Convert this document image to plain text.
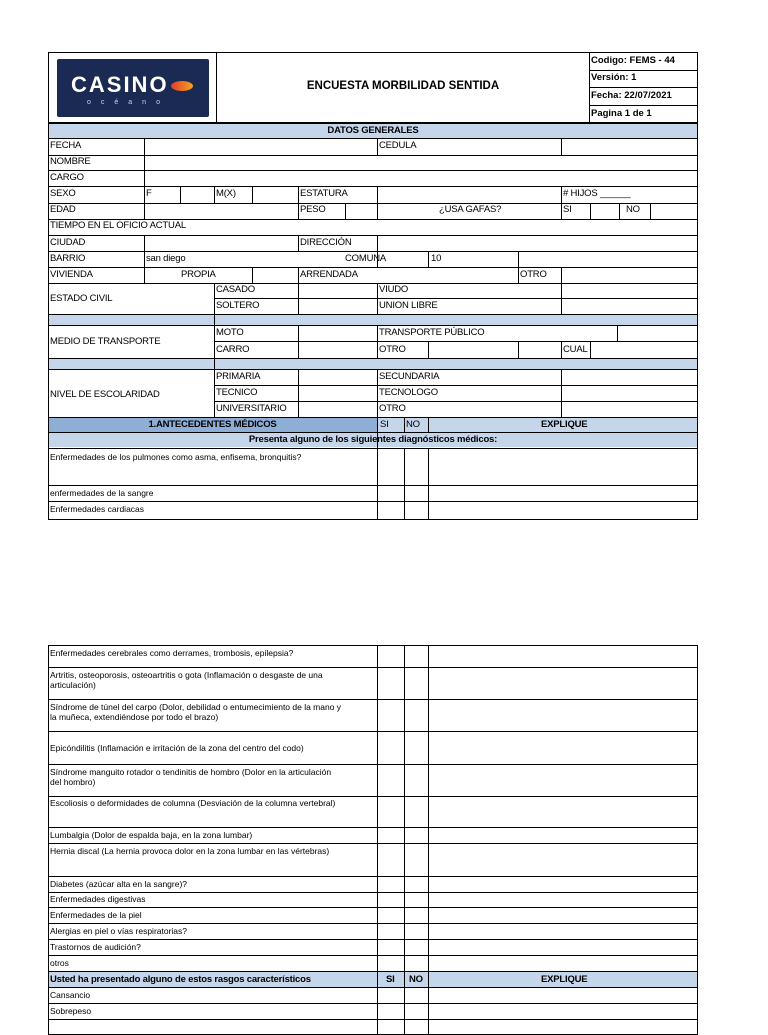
CASINO
océano
ENCUESTA MORBILIDAD SENTIDA
Codigo: FEMS - 44
Versión: 1
Fecha: 22/07/2021
Pagina 1 de 1
DATOS GENERALES
FECHA	CEDULA
NOMBRE
CARGO
SEXO	F	M(X)	ESTATURA	# HIJOS ______
EDAD	PESO	¿USA GAFAS?	SI	NO
TIEMPO EN EL OFICIO ACTUAL
CIUDAD	DIRECCIÓN
BARRIO	san diego	COMUNA	10
VIVIENDA	PROPIA	ARRENDADA	OTRO
ESTADO CIVIL
CASADO	VIUDO
SOLTERO	UNION LIBRE
MEDIO DE TRANSPORTE
MOTO	TRANSPORTE PÚBLICO
CARRO	OTRO	CUAL
NIVEL DE ESCOLARIDAD
PRIMARIA	SECUNDARIA
TECNICO	TECNOLOGO
UNIVERSITARIO	OTRO
1.ANTECEDENTES MÉDICOS	SI NO	EXPLIQUE
Presenta alguno de los siguientes diagnósticos médicos:
Enfermedades de los pulmones como asma, enfisema, bronquitis?
enfermedades de la sangre
Enfermedades cardiacas
Enfermedades cerebrales como derrames, trombosis, epilepsia?
Artritis, osteoporosis, osteoartritis o gota (Inflamación o desgaste de una articulación)
Síndrome de túnel del carpo (Dolor, debilidad o entumecimiento de la mano y la muñeca, extendiéndose por todo el brazo)
Epicóndilitis (Inflamación e irritación de la zona del centro del codo)
Síndrome manguito rotador o tendinitis de hombro (Dolor en la articulación del hombro)
Escoliosis o deformidades de columna (Desviación de la columna vertebral)
Lumbalgia (Dolor de espalda baja, en la zona lumbar)
Hernia discal (La hernia provoca dolor en la zona lumbar en las vértebras)
Diabetes (azúcar alta en la sangre)?
Enfermedades digestivas
Enfermedades de la piel
Alergias en piel o vías respiratorias?
Trastornos de audición?
otros
Usted ha presentado alguno de estos rasgos característicos	SI NO	EXPLIQUE
Cansancio
Sobrepeso
